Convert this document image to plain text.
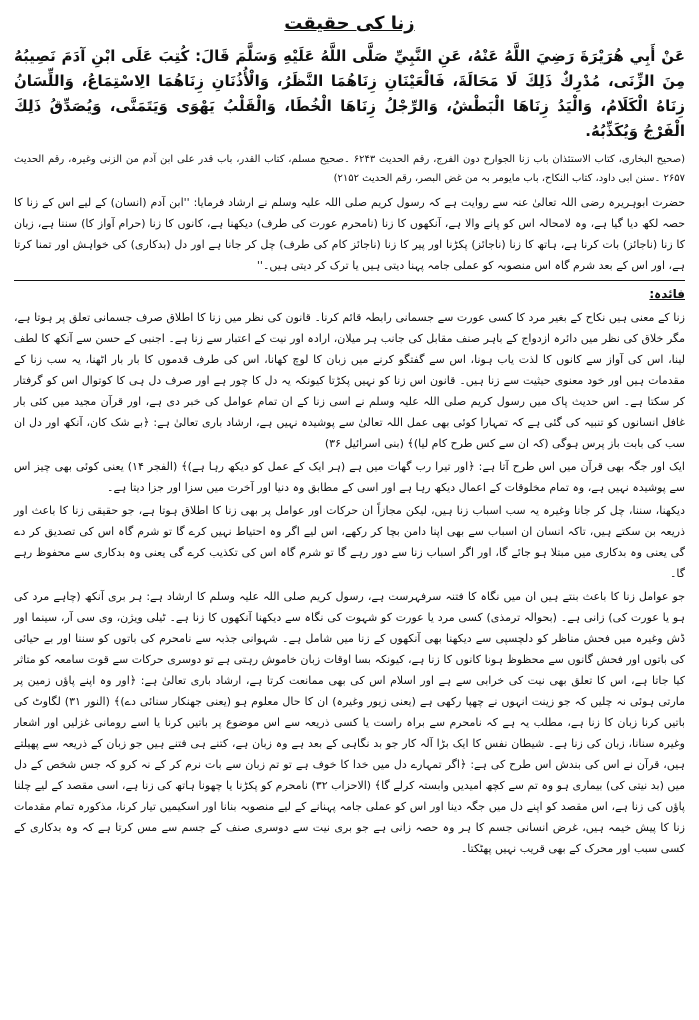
زنا کی حقیقت

عَنْ أَبِي هُرَيْرَةَ رَضِيَ اللَّهُ عَنْهُ، عَنِ النَّبِيِّ صَلَّى اللَّهُ عَلَيْهِ وَسَلَّمَ قَالَ: كُتِبَ عَلَى ابْنِ آدَمَ نَصِيبُهُ مِنَ الزِّنَى، مُدْرِكٌ ذَلِكَ لَا مَحَالَةَ، فَالْعَيْنَانِ زِنَاهُمَا النَّظَرُ، وَالْأُذُنَانِ زِنَاهُمَا الِاسْتِمَاعُ، وَاللِّسَانُ زِنَاهُ الْكَلَامُ، وَالْيَدُ زِنَاهَا الْبَطْشُ، وَالرِّجْلُ زِنَاهَا الْخُطَا، وَالْقَلْبُ يَهْوَى وَيَتَمَنَّى، وَيُصَدِّقُ ذَلِكَ الْفَرْجُ وَيُكَذِّبُهُ.

(صحیح البخاری، کتاب الاستئذان باب زنا الجوارح دون الفرج، رقم الحدیث ۶۲۴۳ ۔صحیح مسلم، کتاب القدر، باب قدر علی ابن آدم من الزنی وغیرہ، رقم الحدیث ۲۶۵۷ ۔سنن ابی داود، کتاب النکاح، باب مایومر بہ من غض البصر، رقم الحدیث ۲۱۵۲)

حضرت ابوہریرہ رضی اللہ تعالیٰ عنہ سے روایت ہے کہ رسول کریم صلی اللہ علیہ وسلم نے ارشاد فرمایا: ''ابن آدم (انسان) کے لیے اس کے زنا کا حصہ لکھ دیا گیا ہے، وہ لامحالہ اس کو پانے والا ہے، آنکھوں کا زنا (نامحرم عورت کی طرف) دیکھنا ہے، کانوں کا زنا (حرام آواز کا) سننا ہے، زبان کا زنا (ناجائز) بات کرنا ہے، ہاتھ کا زنا (ناجائز) پکڑنا اور پیر کا زنا (ناجائز کام کی طرف) چل کر جانا ہے اور دل (بدکاری) کی خواہش اور تمنا کرتا ہے، اور اس کے بعد شرم گاہ اس منصوبہ کو عملی جامہ پہنا دیتی ہیں یا ترک کر دیتی ہیں۔''

فائدہ:

زنا کے معنی ہیں نکاح کے بغیر مرد کا کسی عورت سے جسمانی رابطہ قائم کرنا۔ قانون کی نظر میں زنا کا اطلاق صرف جسمانی تعلق پر ہوتا ہے، مگر خلاق کی نظر میں دائرہ ازدواج کے باہر صنف مقابل کی جانب ہر میلان، ارادہ اور نیت کے اعتبار سے زنا ہے۔ اجنبی کے حسن سے آنکھ کا لطف لینا، اس کی آواز سے کانوں کا لذت یاب ہونا، اس سے گفتگو کرنے میں زبان کا لوچ کھانا، اس کی طرف قدموں کا بار بار اٹھنا، یہ سب زنا کے مقدمات ہیں اور خود معنوی حیثیت سے زنا ہیں۔ قانون اس زنا کو نہیں پکڑتا کیونکہ یہ دل کا چور ہے اور صرف دل ہی کا کوتوال اس کو گرفتار کر سکتا ہے۔ اس حدیث پاک میں رسول کریم صلی اللہ علیہ وسلم نے اسی زنا کے ان تمام عوامل کی خبر دی ہے، اور قرآن مجید میں کئی بار غافل انسانوں کو تنبیہ کی گئی ہے کہ تمہارا کوئی بھی عمل اللہ تعالیٰ سے پوشیدہ نہیں ہے، ارشاد باری تعالیٰ ہے: ﴿بے شک کان، آنکھ اور دل ان سب کی بابت باز پرس ہوگی (کہ ان سے کس طرح کام لیا)﴾ (بنی اسرائیل ۳۶)

ایک اور جگہ بھی قرآن میں اس طرح آتا ہے: ﴿اور تیرا رب گھات میں ہے (ہر ایک کے عمل کو دیکھ رہا ہے)﴾ (الفجر ۱۴) یعنی کوئی بھی چیز اس سے پوشیدہ نہیں ہے، وہ تمام مخلوقات کے اعمال دیکھ رہا ہے اور اسی کے مطابق وہ دنیا اور آخرت میں سزا اور جزا دیتا ہے۔

دیکھنا، سننا، چل کر جانا وغیرہ یہ سب اسباب زنا ہیں، لیکن مجازاً ان حرکات اور عوامل پر بھی زنا کا اطلاق ہوتا ہے، جو حقیقی زنا کا باعث اور ذریعہ بن سکتے ہیں، تاکہ انسان ان اسباب سے بھی اپنا دامن بچا کر رکھے، اس لیے اگر وہ احتیاط نہیں کرے گا تو شرم گاہ اس کی تصدیق کر دے گی یعنی وہ بدکاری میں مبتلا ہو جائے گا، اور اگر اسباب زنا سے دور رہے گا تو شرم گاہ اس کی تکذیب کرے گی یعنی وہ بدکاری سے محفوظ رہے گا۔

جو عوامل زنا کا باعث بنتے ہیں ان میں نگاہ کا فتنہ سرفہرست ہے، رسول کریم صلی اللہ علیہ وسلم کا ارشاد ہے: ہر بری آنکھ (چاہے مرد کی ہو یا عورت کی) زانی ہے۔ (بحوالہ ترمذی) کسی مرد یا عورت کو شہوت کی نگاہ سے دیکھنا آنکھوں کا زنا ہے۔ ٹیلی ویژن، وی سی آر، سینما اور ڈش وغیرہ میں فحش مناظر کو دلچسپی سے دیکھنا بھی آنکھوں کے زنا میں شامل ہے۔ شہوانی جذبہ سے نامحرم کی باتوں کو سننا اور بے حیائی کی باتوں اور فحش گانوں سے محظوظ ہونا کانوں کا زنا ہے، کیونکہ بسا اوقات زبان خاموش رہتی ہے تو دوسری حرکات سے قوت سامعہ کو متاثر کیا جاتا ہے، اس کا تعلق بھی نیت کی خرابی سے ہے اور اسلام اس کی بھی ممانعت کرتا ہے، ارشاد باری تعالیٰ ہے: ﴿اور وہ اپنے پاؤں زمین پر مارتی ہوئی نہ چلیں کہ جو زینت انہوں نے چھپا رکھی ہے (یعنی زیور وغیرہ) ان کا حال معلوم ہو (یعنی جھنکار سنائی دے)﴾ (النور ۳۱) لگاوٹ کی باتیں کرنا زبان کا زنا ہے، مطلب یہ ہے کہ نامحرم سے براہ راست یا کسی ذریعہ سے اس موضوع پر باتیں کرنا یا اسے رومانی غزلیں اور اشعار وغیرہ سنانا، زبان کی زنا ہے۔ شیطان نفس کا ایک بڑا آلہ کار جو بد نگاہی کے بعد ہے وہ زبان ہے، کتنے ہی فتنے ہیں جو زبان کے ذریعہ سے پھیلتے ہیں، قرآن نے اس کی بندش اس طرح کی ہے: ﴿اگر تمہارے دل میں خدا کا خوف ہے تو تم زبان سے بات نرم کر کے نہ کرو کہ جس شخص کے دل میں (بد نیتی کی) بیماری ہو وہ تم سے کچھ امیدیں وابستہ کرلے گا﴾ (الاحزاب ۳۲) نامحرم کو پکڑنا یا چھونا ہاتھ کی زنا ہے، اسی مقصد کے لیے چلنا پاؤں کی زنا ہے، اس مقصد کو اپنے دل میں جگہ دینا اور اس کو عملی جامہ پہنانے کے لیے منصوبہ بنانا اور اسکیمیں تیار کرنا، مذکورہ تمام مقدمات زنا کا پیش خیمہ ہیں، غرض انسانی جسم کا ہر وہ حصہ زانی ہے جو بری نیت سے دوسری صنف کے جسم سے مس کرتا ہے کہ وہ بدکاری کے کسی سبب اور محرک کے بھی قریب نہیں پھٹکتا۔
